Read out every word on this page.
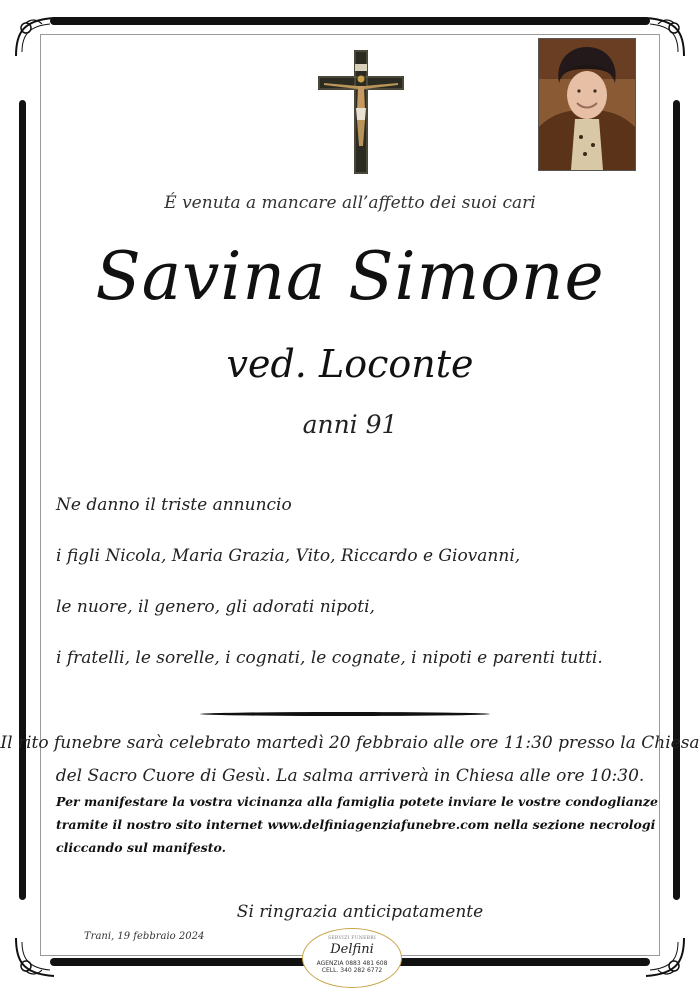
É venuta a mancare all’affetto dei suoi cari
Savina Simone
ved. Loconte
anni 91
Ne danno il triste annuncio
i figli Nicola, Maria Grazia, Vito, Riccardo e Giovanni,
le nuore, il genero, gli adorati nipoti,
i fratelli, le sorelle, i cognati, le cognate, i nipoti e parenti tutti.
Il rito funebre sarà celebrato martedì 20 febbraio alle ore 11:30 presso la Chiesa
del Sacro Cuore di Gesù. La salma arriverà in Chiesa alle ore 10:30.
Per manifestare la vostra vicinanza alla famiglia potete inviare le vostre condoglianze
tramite il nostro sito internet www.delfiniagenziafunebre.com nella sezione necrologi
cliccando sul manifesto.
Si ringrazia anticipatamente
Trani, 19 febbraio 2024	SERVIZI FUNEBRI
Delfini
AGENZIA 0883 481 608
CELL. 340 282 6772
